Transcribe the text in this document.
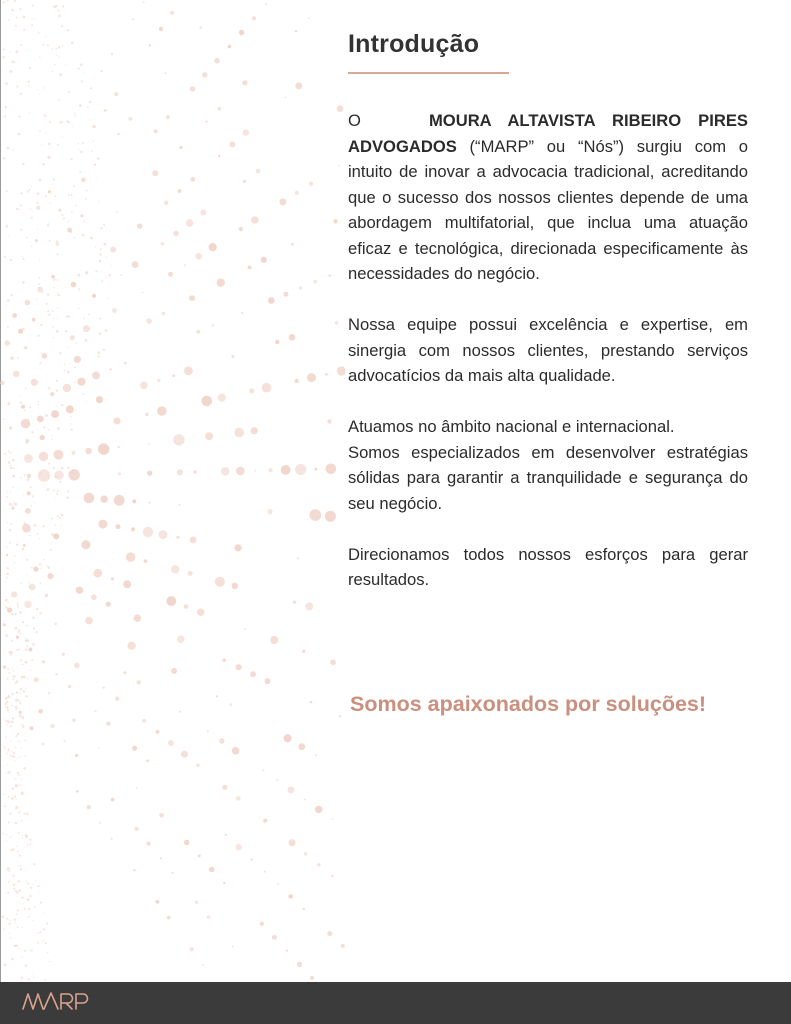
Introdução

O	MOURA ALTAVISTA RIBEIRO PIRES ADVOGADOS (“MARP” ou “Nós”) surgiu com o intuito de inovar a advocacia tradicional, acreditando que o sucesso dos nossos clientes depende de uma abordagem multifatorial, que inclua uma atuação eficaz e tecnológica, direcionada especificamente às necessidades do negócio.

Nossa equipe possui excelência e expertise, em sinergia com nossos clientes, prestando serviços advocatícios da mais alta qualidade.

Atuamos no âmbito nacional e internacional.
Somos especializados em desenvolver estratégias sólidas para garantir a tranquilidade e segurança do seu negócio.

Direcionamos todos nossos esforços para gerar resultados.

Somos apaixonados por soluções!
